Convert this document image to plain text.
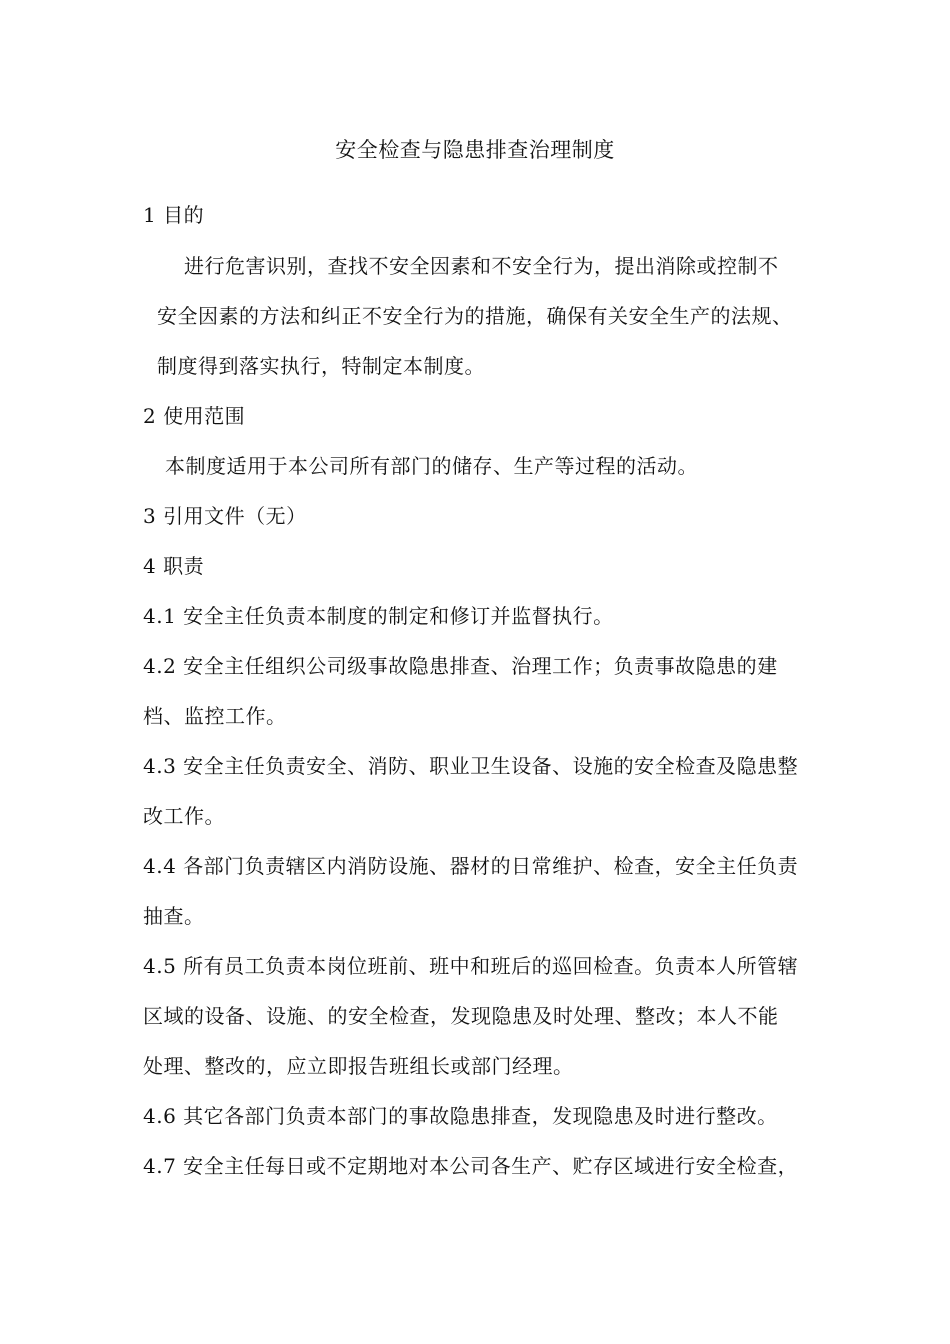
安全检查与隐患排查治理制度
1 目的
进行危害识别，查找不安全因素和不安全行为，提出消除或控制不
安全因素的方法和纠正不安全行为的措施，确保有关安全生产的法规、
制度得到落实执行，特制定本制度。
2 使用范围
本制度适用于本公司所有部门的储存、生产等过程的活动。
3 引用文件（无）
4 职责
4.1 安全主任负责本制度的制定和修订并监督执行。
4.2 安全主任组织公司级事故隐患排查、治理工作；负责事故隐患的建
档、监控工作。
4.3 安全主任负责安全、消防、职业卫生设备、设施的安全检查及隐患整
改工作。
4.4 各部门负责辖区内消防设施、器材的日常维护、检查，安全主任负责
抽查。
4.5 所有员工负责本岗位班前、班中和班后的巡回检查。负责本人所管辖
区域的设备、设施、的安全检查，发现隐患及时处理、整改；本人不能
处理、整改的，应立即报告班组长或部门经理。
4.6 其它各部门负责本部门的事故隐患排查，发现隐患及时进行整改。
4.7 安全主任每日或不定期地对本公司各生产、贮存区域进行安全检查，
